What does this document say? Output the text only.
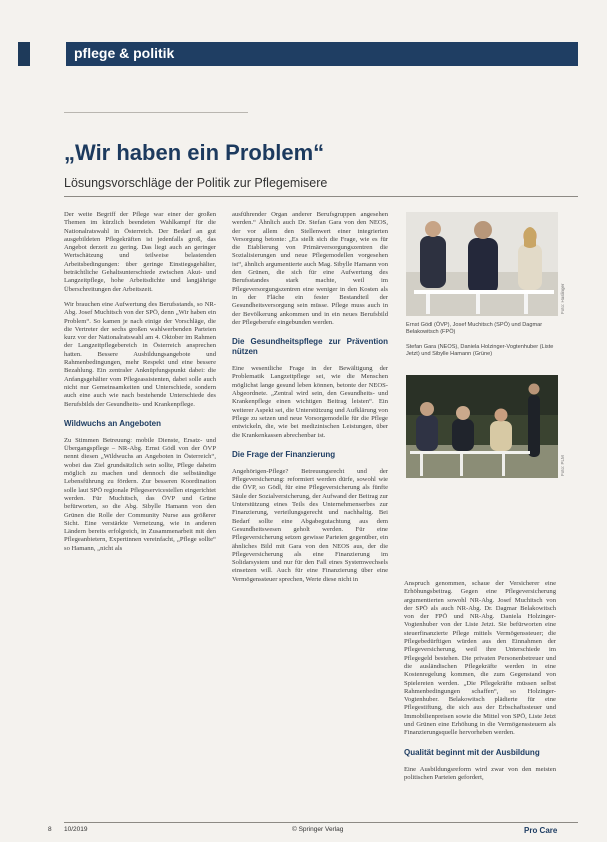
pflege & politik
„Wir haben ein Problem“
Lösungsvorschläge der Politik zur Pflegemisere

Der weite Begriff der Pflege war einer der großen Themen im kürzlich beendeten Wahlkampf für die Nationalratswahl in Österreich. Der Bedarf an gut ausgebildeten Pflegekräften ist jedenfalls groß, das Angebot derzeit zu gering. Das liegt auch an geringer Wertschätzung und teilweise belastenden Arbeitsbedingungen: über geringe Einstiegsgehälter, beträchtliche Gehaltsunterschiede zwischen Akut- und Langzeitpflege, hohe Arbeitsdichte und langjährige Überschreitungen der Arbeitszeit.

Wir brauchen eine Aufwertung des Berufsstands, so NR-Abg. Josef Muchitsch von der SPÖ, denn „Wir haben ein Problem“. So kamen je nach einige der Vorschläge, die die Vertreter der sechs großen wahlwerbenden Parteien kurz vor der Nationalratswahl am 4. Oktober im Rahmen der Langzeitpflegebereich in Österreich ansprechen hatten. Bessere Ausbildungsangebote und Rahmenbedingungen, mehr Respekt und eine bessere Bezahlung. Ein zentraler Anknüpfungspunkt dabei: die Anfangsgehälter vom Pflegeassistenten, dabei solle auch nicht nur Gemeinsamkeiten und Unterschiede, sondern auch eine auch wie nach bestehende Unterschiede des Berufsbilds der Gesundheits- und Krankenpflege.

Wildwuchs an Angeboten

Zu Stimmen Betreuung: mobile Dienste, Ersatz- und Übergangspflege – NR-Abg. Ernst Gödl von der ÖVP nennt diesen „Wildwuchs an Angeboten in Österreich“, wobei das Ziel grundsätzlich sein sollte, Pflege daheim möglich zu machen und dennoch die selbständige Lebensführung zu fördern. Zur besseren Koordination solle laut SPÖ regionale Pflegeservicestellen eingerichtet werden. Für Muchitsch, das ÖVP und Grüne befürworten, so die Abg. Sibylle Hamann von den Grünen die Rolle der Community Nurse aus größerer Sicht. Eine verstärkte Vernetzung, wie in anderen Ländern bereits erfolgreich, in Zusammenarbeit mit den Pflegeanbietern, Expertinnen vereinfacht, „Pflege sollte“ so Hamann, „nicht als

ausführender Organ anderer Berufsgruppen angesehen werden.“ Ähnlich auch Dr. Stefan Gara von den NEOS, der vor allem den Stellenwert einer integrierten Versorgung betonte: „Es stellt sich die Frage, wie es für die Etablierung von Primärversorgungszentren die Sozialisierungen und neue Pflegemodellen vorgesehen ist“, ähnlich argumentierte auch Mag. Sibylle Hamann von den Grünen, die sich für eine Aufwertung des Berufsstandes stark machte, weil im Pflegeversorgungszentren eine weniger in den Kosten als in der Fläche ein fester Bestandteil der Gesundheitsversorgung sein müsse. Pflege muss auch in der Bevölkerung ankommen und in ein neues Berufsbild der Pflegeberufe eingebunden werden.

Die Gesundheitspflege zur Prävention nützen

Eine wesentliche Frage in der Bewältigung der Problematik Langzeitpflege sei, wie die Menschen möglichst lange gesund leben können, betonte der NEOS-Abgeordnete. „Zentral wird sein, den Gesundheits- und Krankenpflege einen wichtigen Beitrag leisten“. Ein weiterer Aspekt sei, die Unterstützung und Aufklärung von Pflege zu setzen und neue Vorsorgemodelle für die Pflege entwickeln, die, wie bei medizinischen Leistungen, über die Krankenkassen abrechenbar ist.

Die Frage der Finanzierung

Angehörigen-Pflege? Betreuungsrecht und der Pflegeversicherung: reformiert werden dürfe, sowohl wie die ÖVP, so Gödl, für eine Pflegeversicherung als fünfte Säule der Sozialversicherung, der Aufwand der Beitrag zur Unterstützung eines Teils des Unternehmenserbes zur Finanzierung, verteilungsgerecht und nachhaltig. Bei Bedarf sollte eine Abgabegutachtung aus dem Gesundheitswesen geholt werden. Für eine Pflegeversicherung setzen gewisse Parteien gegenüber, ein ähnliches Bild mit Gara von den NEOS aus, der die Pflegeversicherung als eine Finanzierung im Solidarsystem und nur für den Fall eines Systemwechsels einsetzen will. Auch für eine Finanzierung über eine Vermögenssteuer sprechen, Werte diese nicht in

Foto: Haslinger
Ernst Gödl (ÖVP), Josef Muchitsch (SPÖ) und Dagmar Belakowitsch (FPÖ)
Stefan Gara (NEOS), Daniela Holzinger-Vogtenhuber (Liste Jetzt) und Sibylle Hamann (Grüne)
Foto: PLM

Anspruch genommen, schaue der Versicherer eine Erhöhungsbeitrag. Gegen eine Pflegeversicherung argumentierten sowohl NR-Abg. Josef Muchitsch von der SPÖ als auch NR-Abg. Dr. Dagmar Belakowitsch von der FPÖ und NR-Abg. Daniela Holzinger-Vogtenhuber von der Liste Jetzt. Sie befürworten eine steuerfinanzierte Pflege mittels Vermögenssteuer; die Pflegebedürftigen würden aus den Einnahmen der Pflegeversicherung, weil ihre Unterschiede im Pflegegeld bestehen. Die privaten Personenbetreuer und die ausländischen Pflegekräfte werden in eine Kostenregelung kommen, die zum Gegenstand von Spielereien werden. „Die Pflegekräfte müssen selbst Rahmenbedingungen schaffen“, so Holzinger-Vogtenhuber. Belakowitsch plädierte für eine Pflegestiftung, die sich aus der Erbschaftssteuer und Immobilienpreisen sowie die Mittel von SPÖ, Liste Jetzt und Grünen eine Erhöhung in die Vermögenssteuern als Finanzierungsquelle hervorheben werden.

Qualität beginnt mit der Ausbildung

Eine Ausbildungsreform wird zwar von den meisten politischen Parteien gefordert,

8 10/2019	© Springer Verlag	Pro Care
